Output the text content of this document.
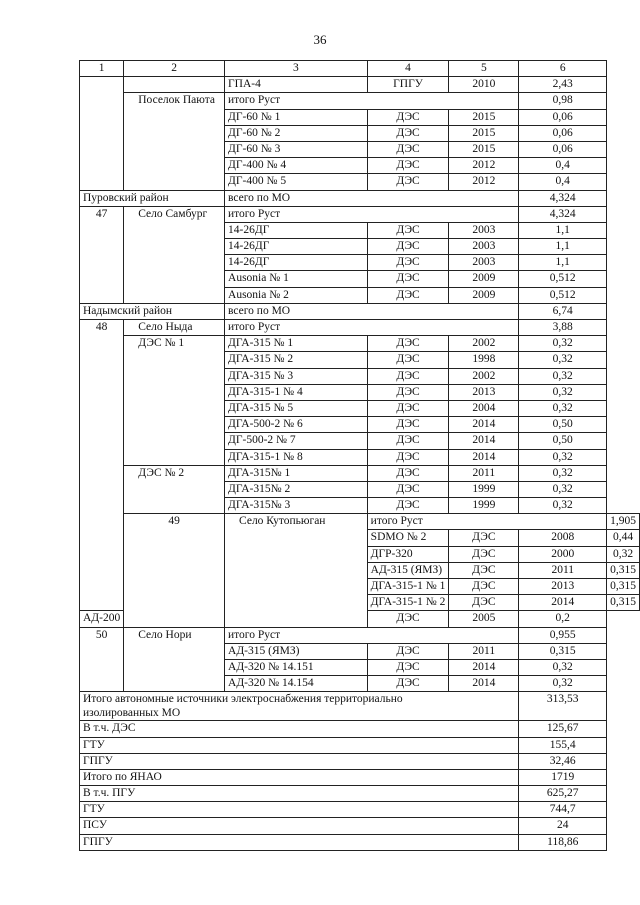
36
1	2	3	4	5	6	
		ГПА-4	ГПГУ	2010	2,43	
	Поселок Паюта	итого Руст			0,98	
		ДГ-60 № 1	ДЭС	2015	0,06	
		ДГ-60 № 2	ДЭС	2015	0,06	
		ДГ-60 № 3	ДЭС	2015	0,06	
		ДГ-400 № 4	ДЭС	2012	0,4	
		ДГ-400 № 5	ДЭС	2012	0,4	
Пуровский район		всего по МО			4,324	
47	Село Самбург	итого Руст			4,324	
		14-26ДГ	ДЭС	2003	1,1	
		14-26ДГ	ДЭС	2003	1,1	
		14-26ДГ	ДЭС	2003	1,1	
		Ausonia № 1	ДЭС	2009	0,512	
		Ausonia № 2	ДЭС	2009	0,512	
Надымский район		всего по МО			6,74	
48	Село Ныда	итого Руст			3,88	
	ДЭС № 1	ДГА-315 № 1	ДЭС	2002	0,32	
		ДГА-315 № 2	ДЭС	1998	0,32	
		ДГА-315 № 3	ДЭС	2002	0,32	
		ДГА-315-1 № 4	ДЭС	2013	0,32	
		ДГА-315 № 5	ДЭС	2004	0,32	
		ДГА-500-2 № 6	ДЭС	2014	0,50	
		ДГ-500-2 № 7	ДЭС	2014	0,50	
		ДГА-315-1 № 8	ДЭС	2014	0,32	
	ДЭС № 2	ДГА-315№ 1	ДЭС	2011	0,32	
		ДГА-315№ 2	ДЭС	1999	0,32	
		ДГА-315№ 3	ДЭС	1999	0,32	
	49	Село Кутопьюган	итого Руст			1,905
			SDMO № 2	ДЭС	2008	0,44
			ДГР-320	ДЭС	2000	0,32
			АД-315 (ЯМЗ)	ДЭС	2011	0,315
			ДГА-315-1 № 1	ДЭС	2013	0,315
			ДГА-315-1 № 2	ДЭС	2014	0,315
АД-200			ДЭС	2005	0,2	
50	Село Нори	итого Руст			0,955	
		АД-315 (ЯМЗ)	ДЭС	2011	0,315	
		АД-320 № 14.151	ДЭС	2014	0,32	
		АД-320 № 14.154	ДЭС	2014	0,32	
Итого автономные источники электроснабжения территориально изолированных МО					313,53	
В т.ч. ДЭС					125,67	
ГТУ					155,4	
ГПГУ					32,46	
Итого по ЯНАО					1719	
В т.ч. ПГУ					625,27	
ГТУ					744,7	
ПСУ					24	
ГПГУ					118,86	
